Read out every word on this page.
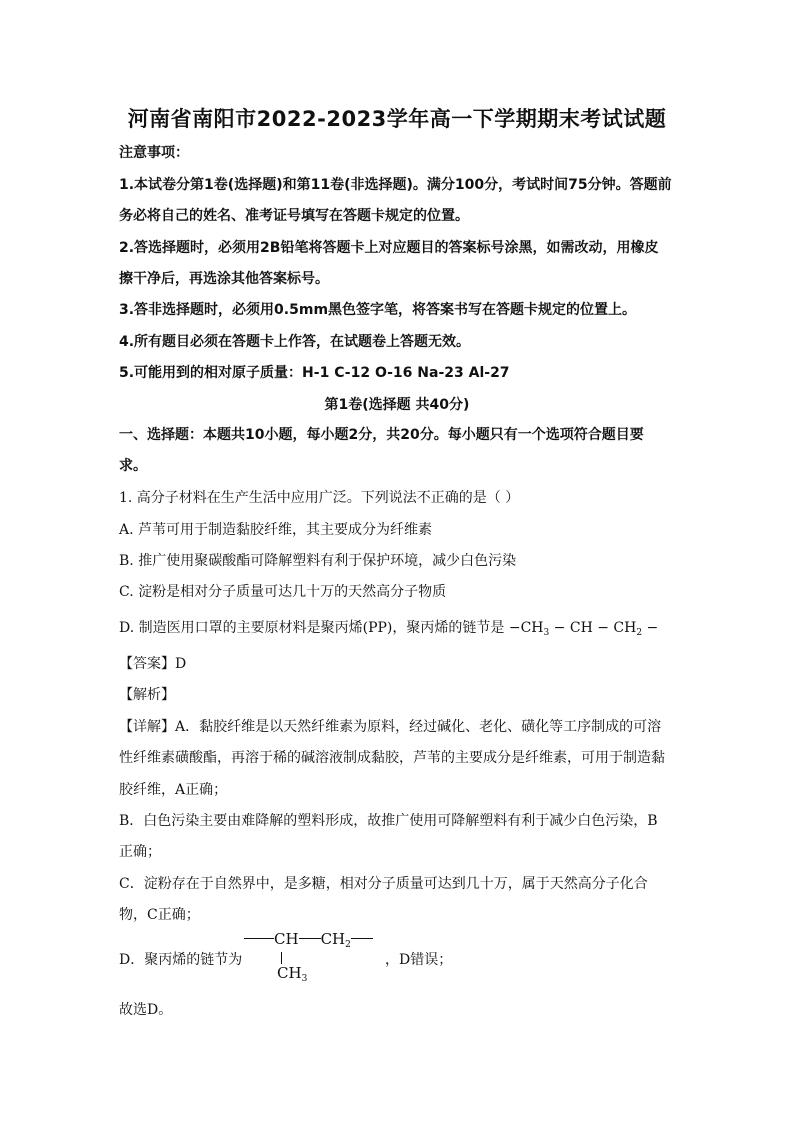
河南省南阳市2022-2023学年高一下学期期末考试试题
注意事项：
1.本试卷分第1卷(选择题)和第11卷(非选择题)。满分100分，考试时间75分钟。答题前
务必将自己的姓名、准考证号填写在答题卡规定的位置。
2.答选择题时，必须用2B铅笔将答题卡上对应题目的答案标号涂黑，如需改动，用橡皮
擦干净后，再选涂其他答案标号。
3.答非选择题时，必须用0.5mm黑色签字笔，将答案书写在答题卡规定的位置上。
4.所有题目必须在答题卡上作答，在试题卷上答题无效。
5.可能用到的相对原子质量：H-1 C-12 O-16 Na-23 Al-27
第1卷(选择题 共40分)
一、选择题：本题共10小题，每小题2分，共20分。每小题只有一个选项符合题目要
求。
1. 高分子材料在生产生活中应用广泛。下列说法不正确的是（ ）
A. 芦苇可用于制造黏胶纤维，其主要成分为纤维素
B. 推广使用聚碳酸酯可降解塑料有利于保护环境，减少白色污染
C. 淀粉是相对分子质量可达几十万的天然高分子物质
D. 制造医用口罩的主要原材料是聚丙烯(PP)，聚丙烯的链节是 $-CH_3$ − CH − $CH_2$ −
【答案】D
【解析】
【详解】A．黏胶纤维是以天然纤维素为原料，经过碱化、老化、磺化等工序制成的可溶
性纤维素磺酸酯，再溶于稀的碱溶液制成黏胶，芦苇的主要成分是纤维素，可用于制造黏
胶纤维，A正确；
B．白色污染主要由难降解的塑料形成，故推广使用可降解塑料有利于减少白色污染，B
正确；
C．淀粉存在于自然界中，是多糖，相对分子质量可达到几十万，属于天然高分子化合
物，C正确；
D．聚丙烯的链节为
CH $CH_2$
$CH_3$
，D错误；
故选D。
